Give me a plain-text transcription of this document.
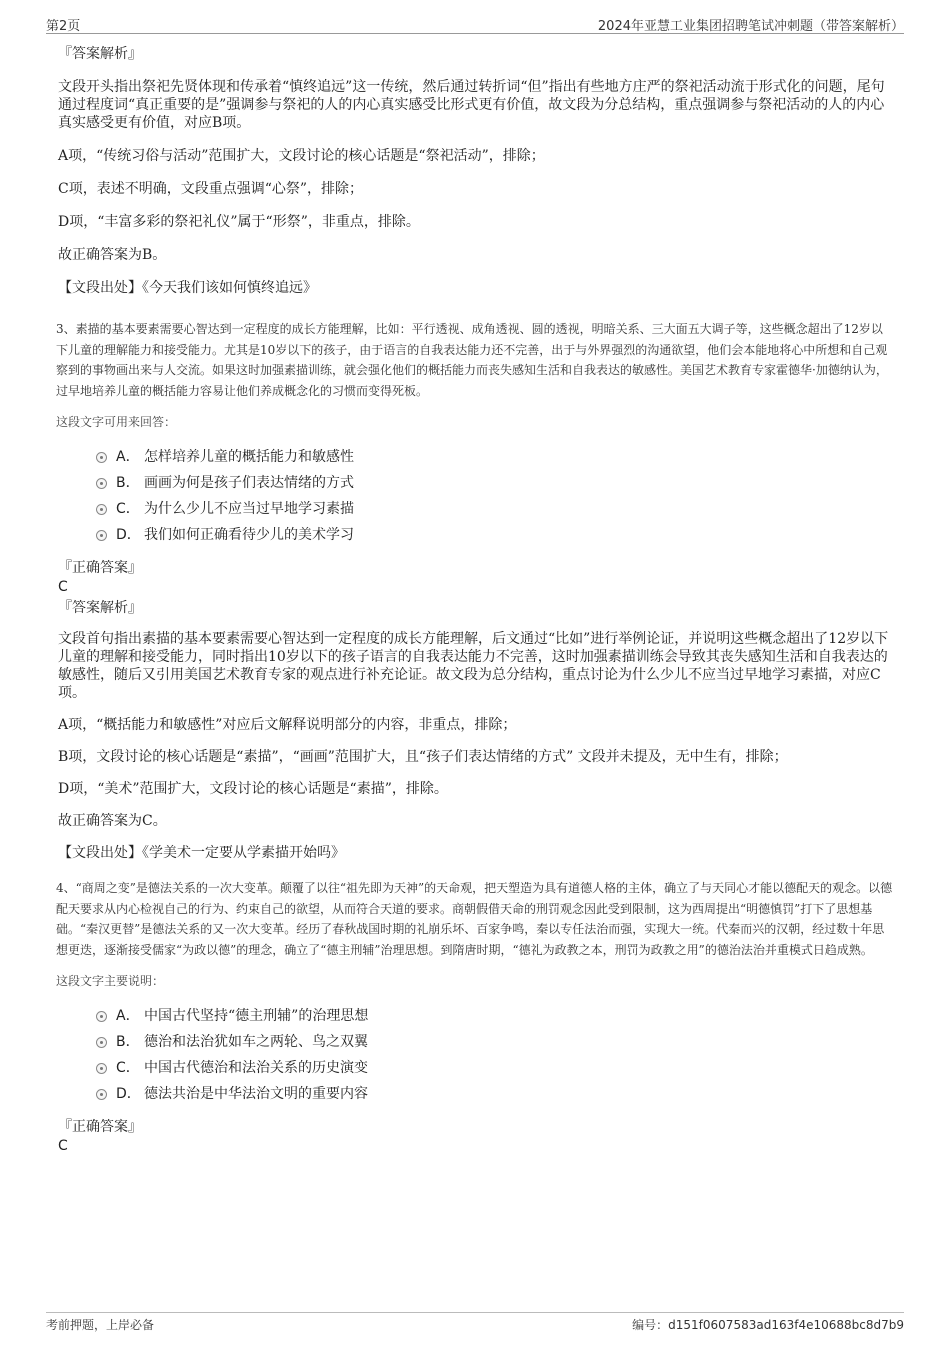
第2页	2024年亚慧工业集团招聘笔试冲刺题（带答案解析）
『答案解析』
文段开头指出祭祀先贤体现和传承着“慎终追远”这一传统，然后通过转折词“但”指出有些地方庄严的祭祀活动流于形式化的问题，尾句通过程度词“真正重要的是”强调参与祭祀的人的内心真实感受比形式更有价值，故文段为分总结构，重点强调参与祭祀活动的人的内心真实感受更有价值，对应B项。
A项，“传统习俗与活动”范围扩大，文段讨论的核心话题是“祭祀活动”，排除；
C项，表述不明确，文段重点强调“心祭”，排除；
D项，“丰富多彩的祭祀礼仪”属于“形祭”，非重点，排除。
故正确答案为B。
【文段出处】《今天我们该如何慎终追远》
3、素描的基本要素需要心智达到一定程度的成长方能理解，比如：平行透视、成角透视、圆的透视，明暗关系、三大面五大调子等，这些概念超出了12岁以下儿童的理解能力和接受能力。尤其是10岁以下的孩子，由于语言的自我表达能力还不完善，出于与外界强烈的沟通欲望，他们会本能地将心中所想和自己观察到的事物画出来与人交流。如果这时加强素描训练，就会强化他们的概括能力而丧失感知生活和自我表达的敏感性。美国艺术教育专家霍德华·加德纳认为，过早地培养儿童的概括能力容易让他们养成概念化的习惯而变得死板。
这段文字可用来回答：
A． 怎样培养儿童的概括能力和敏感性
B． 画画为何是孩子们表达情绪的方式
C． 为什么少儿不应当过早地学习素描
D． 我们如何正确看待少儿的美术学习
『正确答案』
C
『答案解析』
文段首句指出素描的基本要素需要心智达到一定程度的成长方能理解，后文通过“比如”进行举例论证，并说明这些概念超出了12岁以下儿童的理解和接受能力，同时指出10岁以下的孩子语言的自我表达能力不完善，这时加强素描训练会导致其丧失感知生活和自我表达的敏感性，随后又引用美国艺术教育专家的观点进行补充论证。故文段为总分结构，重点讨论为什么少儿不应当过早地学习素描，对应C项。
A项，“概括能力和敏感性”对应后文解释说明部分的内容，非重点，排除；
B项，文段讨论的核心话题是“素描”，“画画”范围扩大，且“孩子们表达情绪的方式” 文段并未提及，无中生有，排除；
D项，“美术”范围扩大，文段讨论的核心话题是“素描”，排除。
故正确答案为C。
【文段出处】《学美术一定要从学素描开始吗》
4、“商周之变”是德法关系的一次大变革。颠覆了以往“祖先即为天神”的天命观，把天塑造为具有道德人格的主体，确立了与天同心才能以德配天的观念。以德配天要求从内心检视自己的行为、约束自己的欲望，从而符合天道的要求。商朝假借天命的刑罚观念因此受到限制，这为西周提出“明德慎罚”打下了思想基础。“秦汉更替”是德法关系的又一次大变革。经历了春秋战国时期的礼崩乐坏、百家争鸣，秦以专任法治而强，实现大一统。代秦而兴的汉朝，经过数十年思想更迭，逐渐接受儒家“为政以德”的理念，确立了“德主刑辅”治理思想。到隋唐时期，“德礼为政教之本，刑罚为政教之用”的德治法治并重模式日趋成熟。
这段文字主要说明：
A． 中国古代坚持“德主刑辅”的治理思想
B． 德治和法治犹如车之两轮、鸟之双翼
C． 中国古代德治和法治关系的历史演变
D． 德法共治是中华法治文明的重要内容
『正确答案』
C
考前押题，上岸必备	编号：d151f0607583ad163f4e10688bc8d7b9
